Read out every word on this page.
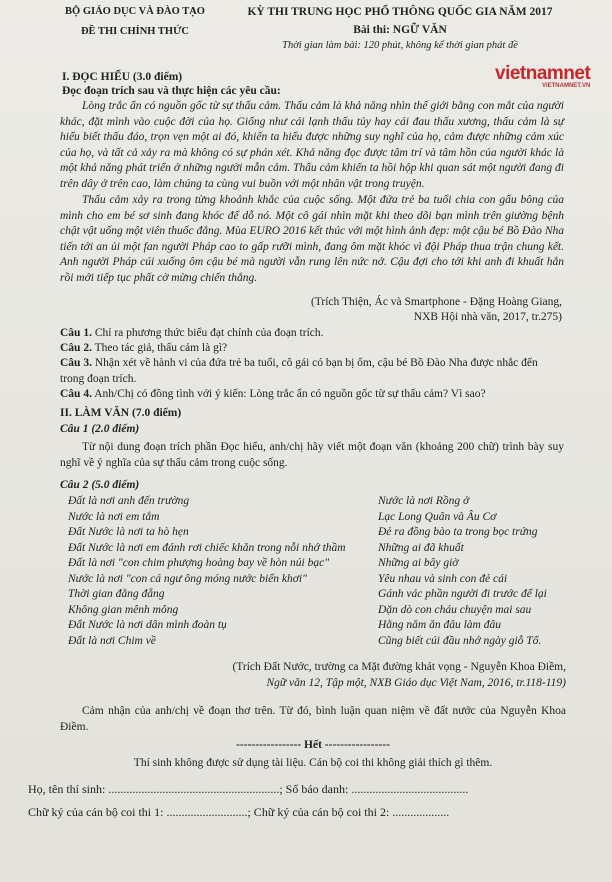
BỘ GIÁO DỤC VÀ ĐÀO TẠO
ĐỀ THI CHÍNH THỨC
KỲ THI TRUNG HỌC PHỔ THÔNG QUỐC GIA NĂM 2017
Bài thi: NGỮ VĂN
Thời gian làm bài: 120 phút, không kể thời gian phát đề
vietnamnet
VIETNAMNET.VN
I. ĐỌC HIỂU (3.0 điểm)
Đọc đoạn trích sau và thực hiện các yêu cầu:
Lòng trắc ẩn có nguồn gốc từ sự thấu cảm. Thấu cảm là khả năng nhìn thế giới bằng con mắt của người khác, đặt mình vào cuộc đời của họ. Giống như cái lạnh thấu tủy hay cái đau thấu xương, thấu cảm là sự hiểu biết thấu đáo, trọn vẹn một ai đó, khiến ta hiểu được những suy nghĩ của họ, cảm được những cảm xúc của họ, và tất cả xảy ra mà không có sự phán xét. Khả năng đọc được tâm trí và tâm hồn của người khác là một khả năng phát triển ở những người mẫn cảm. Thấu cảm khiến ta hồi hộp khi quan sát một người đang đi trên dây ở trên cao, làm chúng ta cùng vui buồn với một nhân vật trong truyện.
Thấu cảm xảy ra trong từng khoảnh khắc của cuộc sống. Một đứa trẻ ba tuổi chia con gấu bông của mình cho em bé sơ sinh đang khóc để dỗ nó. Một cô gái nhìn mặt khi theo dõi bạn mình trên giường bệnh chật vật uống một viên thuốc đắng. Mùa EURO 2016 kết thúc với một hình ảnh đẹp: một cậu bé Bồ Đào Nha tiến tới an ủi một fan người Pháp cao to gấp rưỡi mình, đang ôm mặt khóc vì đội Pháp thua trận chung kết. Anh người Pháp cúi xuống ôm cậu bé mà người vẫn rung lên nức nở. Cậu đợi cho tới khi anh đi khuất hẳn rồi mới tiếp tục phất cờ mừng chiến thắng.
(Trích Thiện, Ác và Smartphone - Đặng Hoàng Giang,
NXB Hội nhà văn, 2017, tr.275)
Câu 1. Chỉ ra phương thức biểu đạt chính của đoạn trích.
Câu 2. Theo tác giả, thấu cảm là gì?
Câu 3. Nhận xét về hành vi của đứa trẻ ba tuổi, cô gái có bạn bị ốm, cậu bé Bồ Đào Nha được nhắc đến trong đoạn trích.
Câu 4. Anh/Chị có đồng tình với ý kiến: Lòng trắc ẩn có nguồn gốc từ sự thấu cảm? Vì sao?
II. LÀM VĂN (7.0 điểm)
Câu 1 (2.0 điểm)
Từ nội dung đoạn trích phần Đọc hiểu, anh/chị hãy viết một đoạn văn (khoảng 200 chữ) trình bày suy nghĩ về ý nghĩa của sự thấu cảm trong cuộc sống.
Câu 2 (5.0 điểm)
Đất là nơi anh đến trường
Nước là nơi em tắm
Đất Nước là nơi ta hò hẹn
Đất Nước là nơi em đánh rơi chiếc khăn trong nỗi nhớ thầm
Đất là nơi "con chim phượng hoàng bay về hòn núi bạc"
Nước là nơi "con cá ngư ông móng nước biển khơi"
Thời gian đằng đẵng
Không gian mênh mông
Đất Nước là nơi dân mình đoàn tụ
Đất là nơi Chim về
Nước là nơi Rồng ở
Lạc Long Quân và Âu Cơ
Đẻ ra đồng bào ta trong bọc trứng
Những ai đã khuất
Những ai bây giờ
Yêu nhau và sinh con đẻ cái
Gánh vác phần người đi trước để lại
Dặn dò con cháu chuyện mai sau
Hằng năm ăn đâu làm đâu
Cũng biết cúi đầu nhớ ngày giỗ Tổ.
(Trích Đất Nước, trường ca Mặt đường khát vọng - Nguyễn Khoa Điềm,
Ngữ văn 12, Tập một, NXB Giáo dục Việt Nam, 2016, tr.118-119)
Cảm nhận của anh/chị về đoạn thơ trên. Từ đó, bình luận quan niệm về đất nước của Nguyễn Khoa Điềm.
----------------- Hết -----------------
Thí sinh không được sử dụng tài liệu. Cán bộ coi thi không giải thích gì thêm.
Họ, tên thí sinh: .........................................................; Số báo danh: .......................................
Chữ ký của cán bộ coi thi 1: ...........................; Chữ ký của cán bộ coi thi 2: ...................
